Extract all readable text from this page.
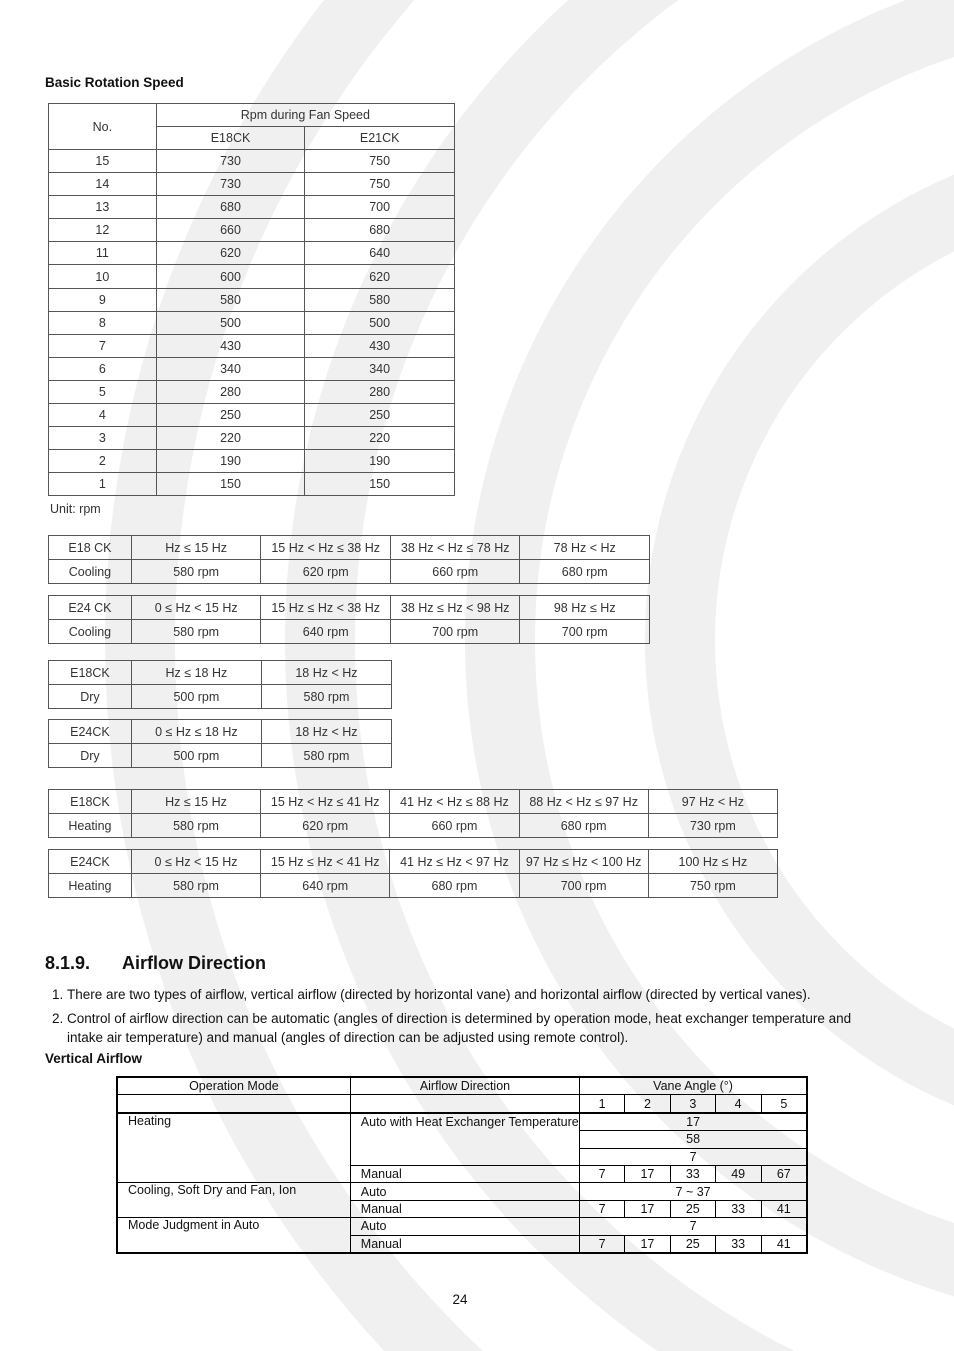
Basic Rotation Speed
No.	Rpm during Fan Speed	
	E18CK	E21CK
15	730	750
14	730	750
13	680	700
12	660	680
11	620	640
10	600	620
9	580	580
8	500	500
7	430	430
6	340	340
5	280	280
4	250	250
3	220	220
2	190	190
1	150	150
Unit: rpm
E18 CK	Hz ≤ 15 Hz	15 Hz < Hz ≤ 38 Hz	38 Hz < Hz ≤ 78 Hz	78 Hz < Hz
Cooling	580 rpm	620 rpm	660 rpm	680 rpm
E24 CK	0 ≤ Hz < 15 Hz	15 Hz ≤ Hz < 38 Hz	38 Hz ≤ Hz < 98 Hz	98 Hz ≤ Hz
Cooling	580 rpm	640 rpm	700 rpm	700 rpm
E18CK	Hz ≤ 18 Hz	18 Hz < Hz
Dry	500 rpm	580 rpm
E24CK	0 ≤ Hz ≤ 18 Hz	18 Hz < Hz
Dry	500 rpm	580 rpm
E18CK	Hz ≤ 15 Hz	15 Hz < Hz ≤ 41 Hz	41 Hz < Hz ≤ 88 Hz	88 Hz < Hz ≤ 97 Hz	97 Hz < Hz
Heating	580 rpm	620 rpm	660 rpm	680 rpm	730 rpm
E24CK	0 ≤ Hz < 15 Hz	15 Hz ≤ Hz < 41 Hz	41 Hz ≤ Hz < 97 Hz	97 Hz ≤ Hz < 100 Hz	100 Hz ≤ Hz
Heating	580 rpm	640 rpm	680 rpm	700 rpm	750 rpm
8.1.9. Airflow Direction
1. There are two types of airflow, vertical airflow (directed by horizontal vane) and horizontal airflow (directed by vertical vanes).
2. Control of airflow direction can be automatic (angles of direction is determined by operation mode, heat exchanger temperature and intake air temperature) and manual (angles of direction can be adjusted using remote control).
Vertical Airflow
Operation Mode	Airflow Direction	Vane Angle (°)				
		1	2	3	4	5
Heating	Auto with Heat Exchanger Temperature	17				
		58				
		7				
	Manual	7	17	33	49	67
Cooling, Soft Dry and Fan, Ion	Auto	7 ~ 37				
	Manual	7	17	25	33	41
Mode Judgment in Auto	Auto	7				
	Manual	7	17	25	33	41
24
